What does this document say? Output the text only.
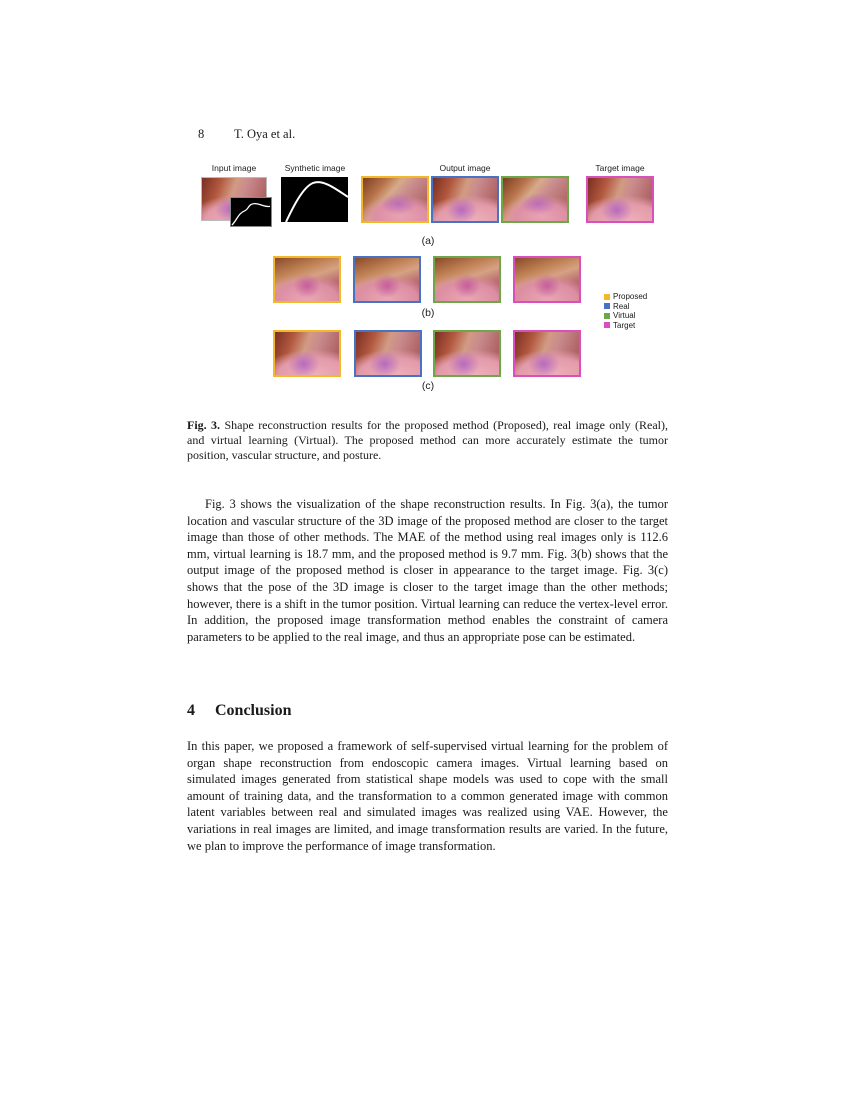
8 T. Oya et al.
Input image	Synthetic image	Output image	Target image
(a)
(b)
Proposed
Real
Virtual
Target
(c)
Fig. 3. Shape reconstruction results for the proposed method (Proposed), real image only (Real), and virtual learning (Virtual). The proposed method can more accurately estimate the tumor position, vascular structure, and posture.
Fig. 3 shows the visualization of the shape reconstruction results. In Fig. 3(a), the tumor location and vascular structure of the 3D image of the proposed method are closer to the target image than those of other methods. The MAE of the method using real images only is 112.6 mm, virtual learning is 18.7 mm, and the proposed method is 9.7 mm. Fig. 3(b) shows that the output image of the proposed method is closer in appearance to the target image. Fig. 3(c) shows that the pose of the 3D image is closer to the target image than the other methods; however, there is a shift in the tumor position. Virtual learning can reduce the vertex-level error. In addition, the proposed image transformation method enables the constraint of camera parameters to be applied to the real image, and thus an appropriate pose can be estimated.
4 Conclusion
In this paper, we proposed a framework of self-supervised virtual learning for the problem of organ shape reconstruction from endoscopic camera images. Virtual learning based on simulated images generated from statistical shape models was used to cope with the small amount of training data, and the transformation to a common generated image with common latent variables between real and simulated images was realized using VAE. However, the variations in real images are limited, and image transformation results are varied. In the future, we plan to improve the performance of image transformation.
